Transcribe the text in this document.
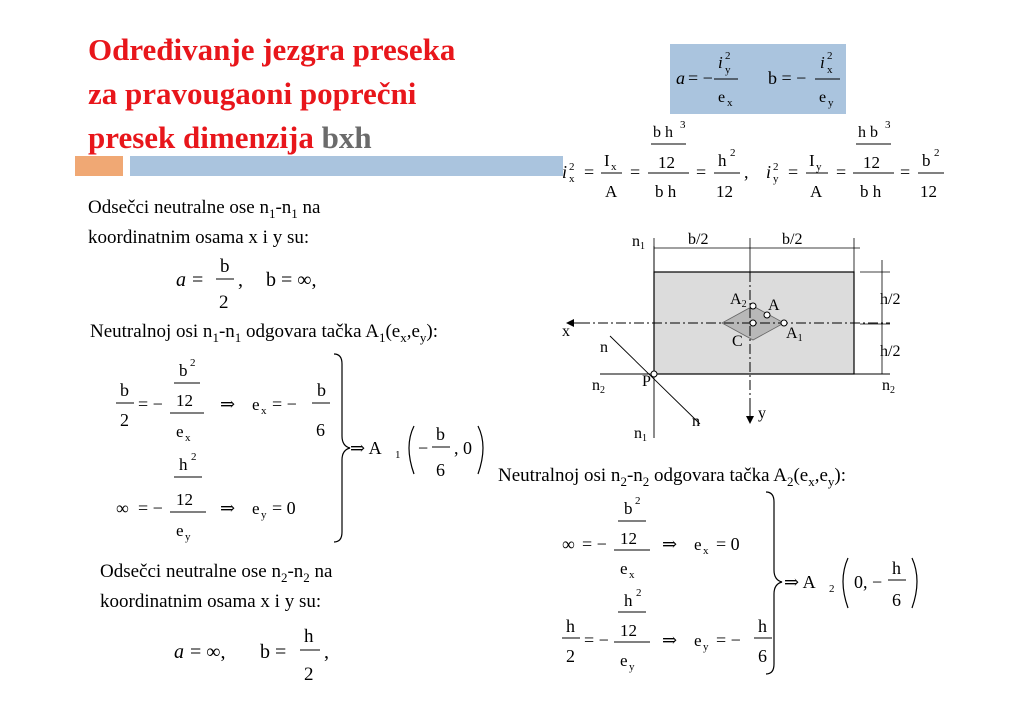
Određivanje jezgra preseka
za pravougaoni poprečni
presek dimenzija bxh
a = −
i 2
y
e x
b = −
i 2
x
e y
i 2
x =
I x
A
=
b h 3
12
b h
=
h 2
12
, i 2
y =
I y
A
=
h b 3
12
b h
=
b 2
12
Odsečci neutralne ose $n_1-n_1$ na
koordinatnim osama x i y su:
a =
b
2
, b = ∞,
Neutralnoj osi $n_1-n_1$ odgovara tačka $A_1(e_x,e_y)$:
b
2
= −
b 2
12
e x
⇒ e x = −
b
6
∞ = −
h 2
12
e y
⇒ e y = 0
⇒ A 1 −
b
6
, 0
Odsečci neutralne ose $n_2-n_2$ na
koordinatnim osama x i y su:
a = ∞, b =
h
2
,
n1
n1
b/2	b/2
h/2
h/2
x
y
n
n
n2	n2
A2 A
A1
C
P
Neutralnoj osi $n_2-n_2$ odgovara tačka $A_2(e_x,e_y)$:
∞ = −
b 2
12
e x
⇒ e x = 0
h
2
= −
h 2
12
e y
⇒ e y = −
h
6
⇒ A 2 0, −
h
6
